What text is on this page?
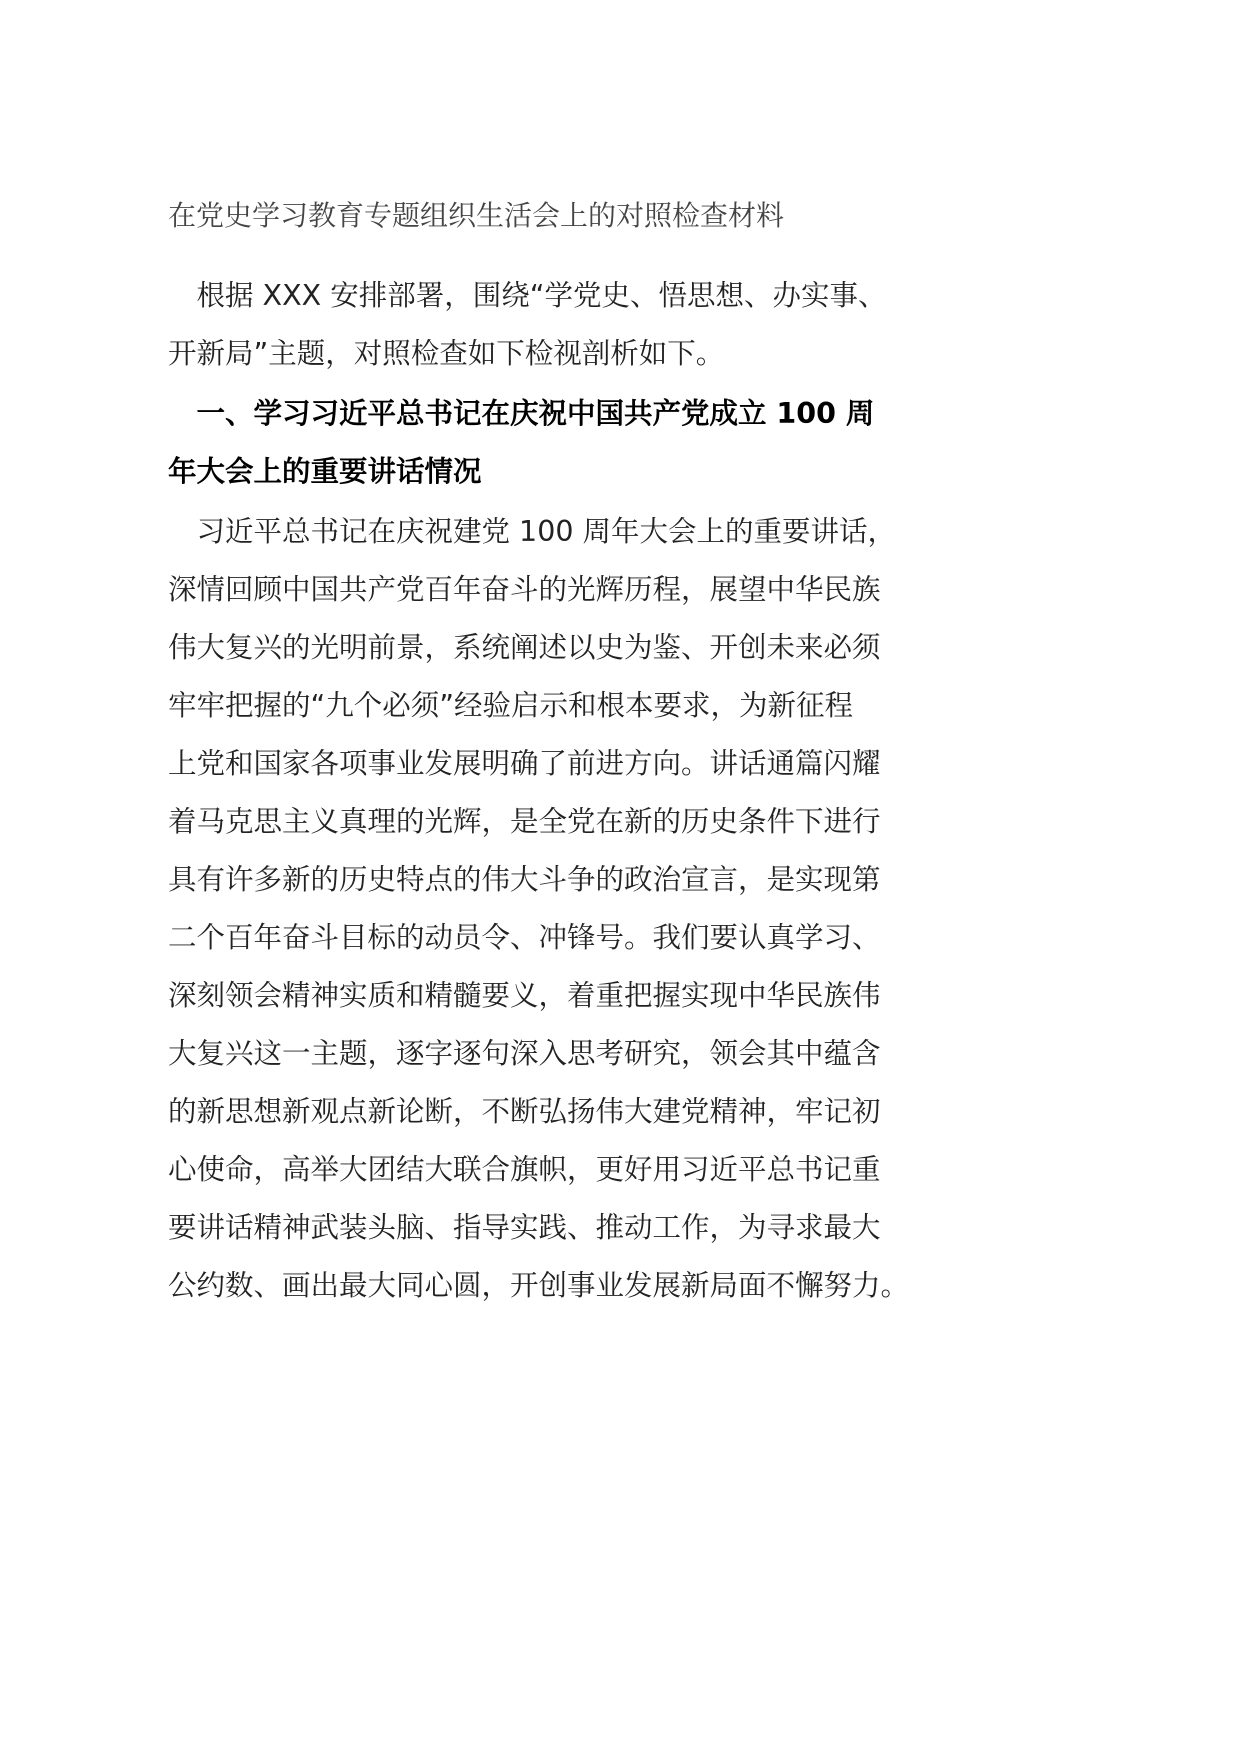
在党史学习教育专题组织生活会上的对照检查材料
　根据 XXX 安排部署，围绕“学党史、悟思想、办实事、
开新局”主题，对照检查如下检视剖析如下。
　一、学习习近平总书记在庆祝中国共产党成立 100 周
年大会上的重要讲话情况
　习近平总书记在庆祝建党 100 周年大会上的重要讲话，
深情回顾中国共产党百年奋斗的光辉历程，展望中华民族
伟大复兴的光明前景，系统阐述以史为鉴、开创未来必须
牢牢把握的“九个必须”经验启示和根本要求，为新征程
上党和国家各项事业发展明确了前进方向。讲话通篇闪耀
着马克思主义真理的光辉，是全党在新的历史条件下进行
具有许多新的历史特点的伟大斗争的政治宣言，是实现第
二个百年奋斗目标的动员令、冲锋号。我们要认真学习、
深刻领会精神实质和精髓要义，着重把握实现中华民族伟
大复兴这一主题，逐字逐句深入思考研究，领会其中蕴含
的新思想新观点新论断，不断弘扬伟大建党精神，牢记初
心使命，高举大团结大联合旗帜，更好用习近平总书记重
要讲话精神武装头脑、指导实践、推动工作，为寻求最大
公约数、画出最大同心圆，开创事业发展新局面不懈努力。
